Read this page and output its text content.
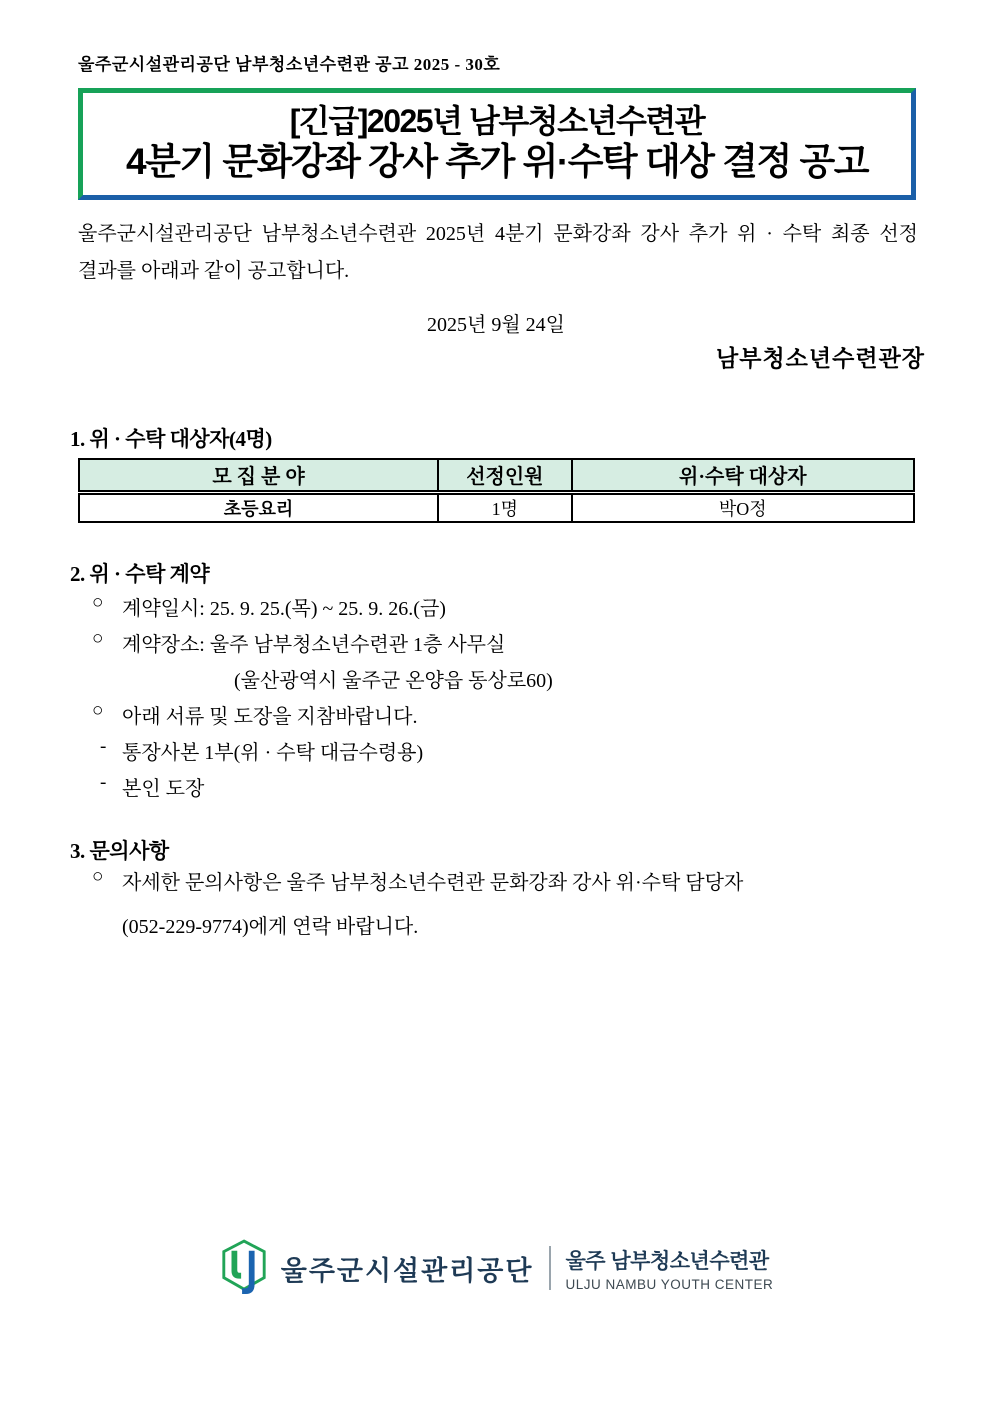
울주군시설관리공단 남부청소년수련관 공고 2025 - 30호
[긴급]2025년 남부청소년수련관
4분기 문화강좌 강사 추가 위·수탁 대상 결정 공고
울주군시설관리공단 남부청소년수련관 2025년 4분기 문화강좌 강사 추가 위 · 수탁 최종 선정 결과를 아래과 같이 공고합니다.
2025년 9월 24일
남부청소년수련관장
1. 위 · 수탁 대상자(4명)
모 집 분 야	선정인원	위·수탁 대상자
초등요리	1명	박O정
2. 위 · 수탁 계약
○ 계약일시: 25. 9. 25.(목) ~ 25. 9. 26.(금)
○ 계약장소: 울주 남부청소년수련관 1층 사무실
(울산광역시 울주군 온양읍 동상로60)
○ 아래 서류 및 도장을 지참바랍니다.
- 통장사본 1부(위 · 수탁 대금수령용)
- 본인 도장
3. 문의사항
○ 자세한 문의사항은 울주 남부청소년수련관 문화강좌 강사 위·수탁 담당자
(052-229-9774)에게 연락 바랍니다.
울주군시설관리공단 울주 남부청소년수련관
ULJU NAMBU YOUTH CENTER
